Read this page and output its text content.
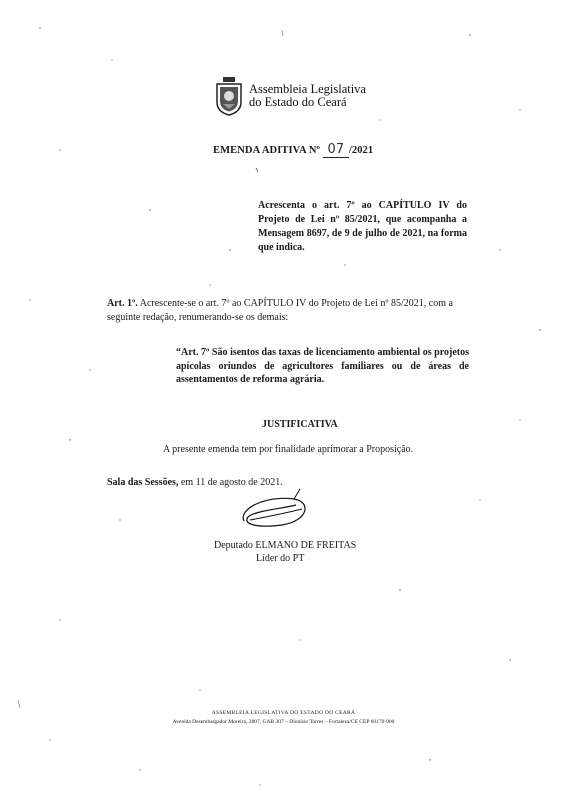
Assembleia Legislativa
do Estado do Ceará
EMENDA ADITIVA Nº 07 /2021
Acrescenta o art. 7º ao CAPÍTULO IV do Projeto de Lei nº 85/2021, que acompanha a Mensagem 8697, de 9 de julho de 2021, na forma que indica.
Art. 1º. Acrescente-se o art. 7º ao CAPÍTULO IV do Projeto de Lei nº 85/2021, com a seguinte redação, renumerando-se os demais:
“Art. 7º São isentos das taxas de licenciamento ambiental os projetos apícolas oriundos de agricultores familiares ou de áreas de assentamentos de reforma agrária.
JUSTIFICATIVA
A presente emenda tem por finalidade aprimorar a Proposição.
Sala das Sessões, em 11 de agosto de 2021.
Deputado ELMANO DE FREITAS
Líder do PT
ASSEMBLEIA LEGISLATIVA DO ESTADO DO CEARÁ
Avenida Desembargador Moreira, 2807, GAB 307 – Dionísio Torres – Fortaleza/CE CEP 60170-900
